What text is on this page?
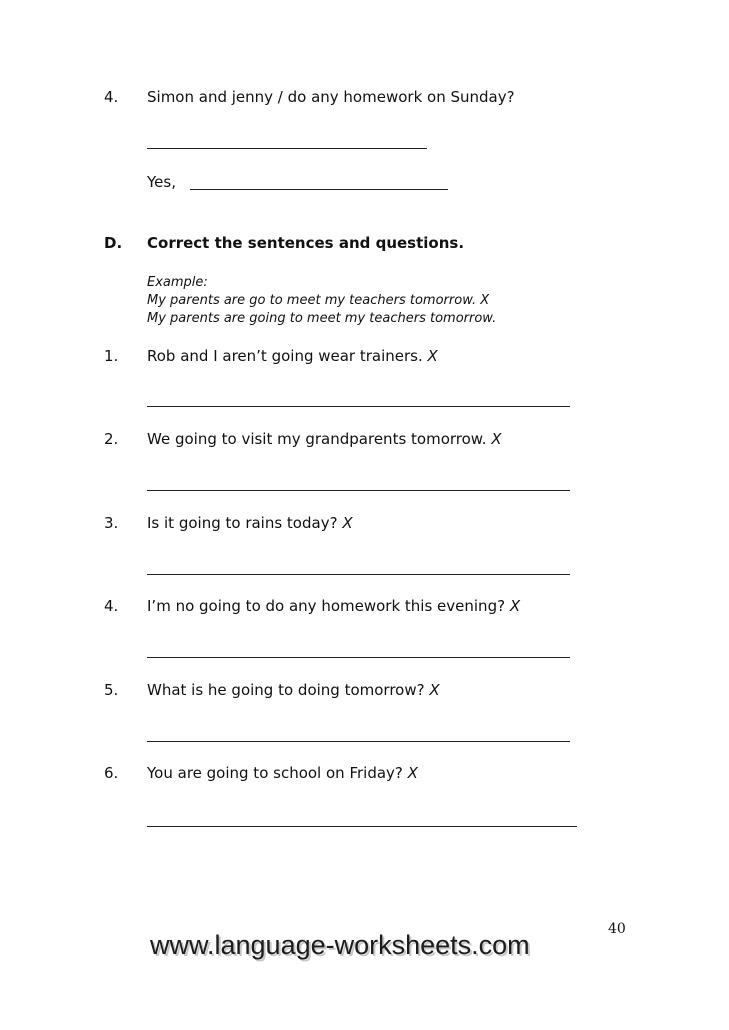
4. Simon and jenny / do any homework on Sunday?
Yes,
D. Correct the sentences and questions.
Example:
My parents are go to meet my teachers tomorrow. X
My parents are going to meet my teachers tomorrow.
1. Rob and I aren’t going wear trainers. X
2. We going to visit my grandparents tomorrow. X
3. Is it going to rains today? X
4. I’m no going to do any homework this evening? X
5. What is he going to doing tomorrow? X
6. You are going to school on Friday? X
40
www.language-worksheets.com
